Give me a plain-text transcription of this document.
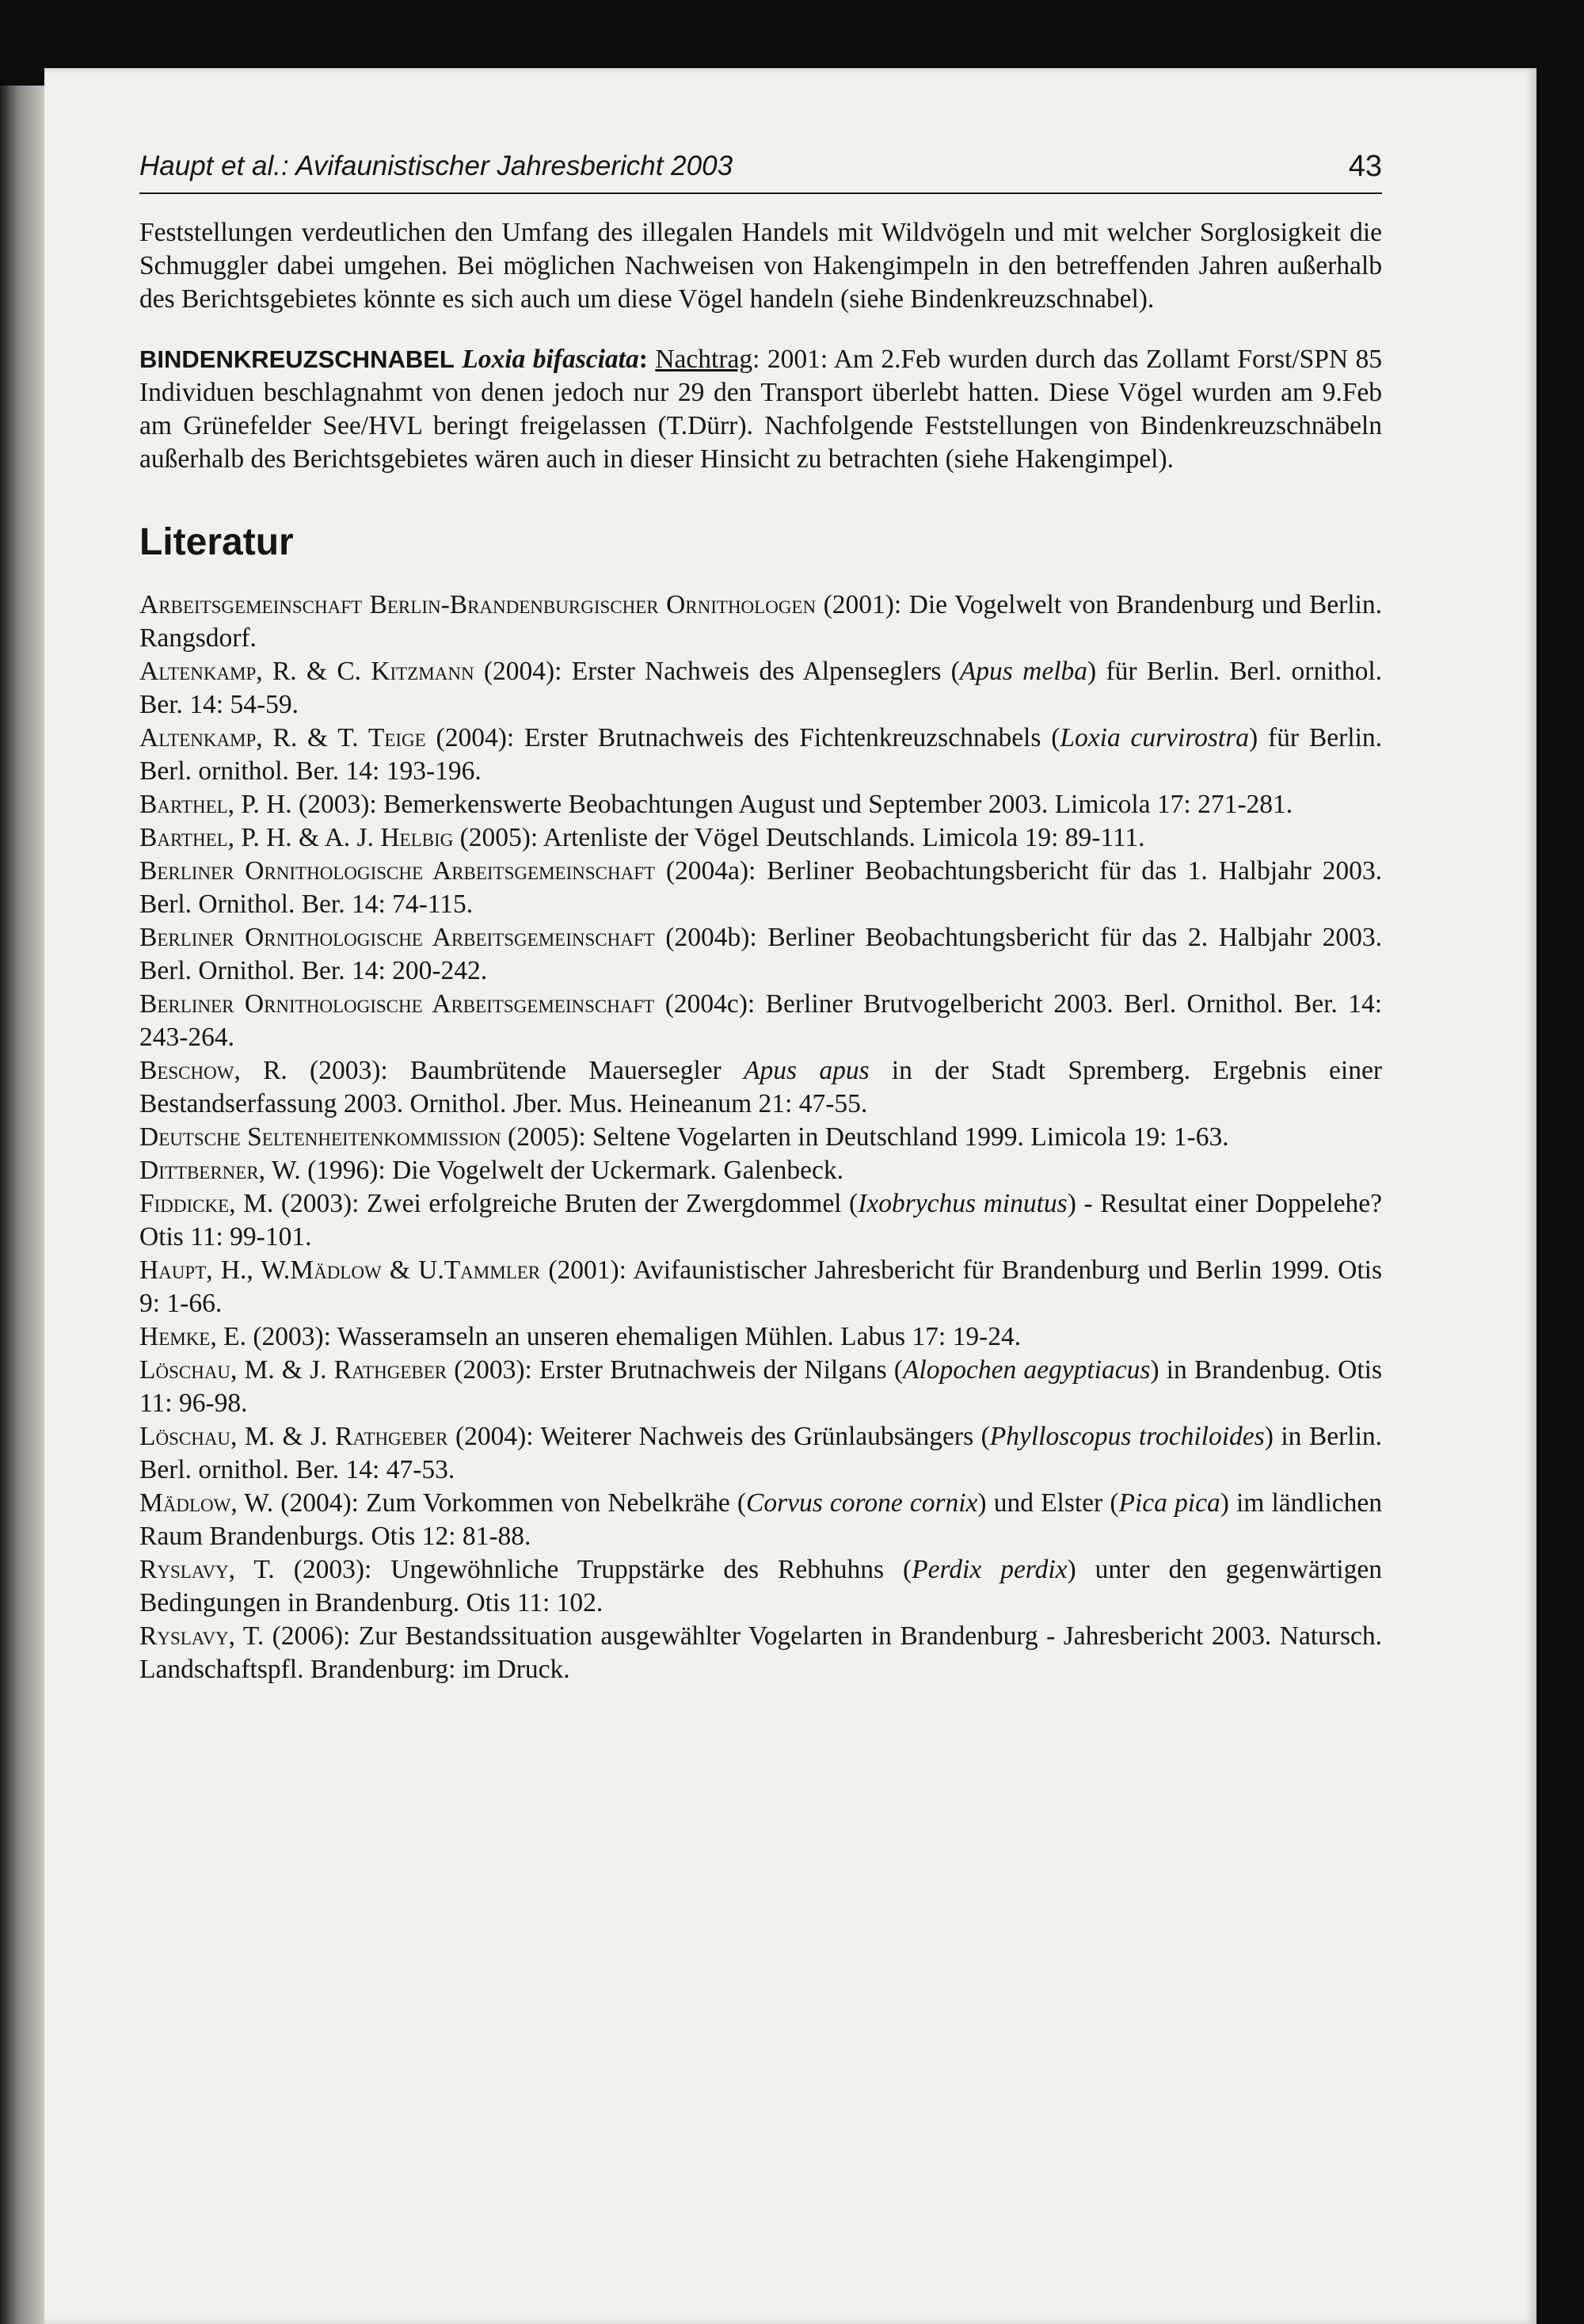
Haupt et al.: Avifaunistischer Jahresbericht 2003	43

Feststellungen verdeutlichen den Umfang des illegalen Handels mit Wildvögeln und mit welcher Sorglosigkeit die Schmuggler dabei umgehen. Bei möglichen Nachweisen von Hakengimpeln in den betreffenden Jahren außerhalb des Berichtsgebietes könnte es sich auch um diese Vögel handeln (siehe Bindenkreuzschnabel).

BINDENKREUZSCHNABEL Loxia bifasciata: Nachtrag: 2001: Am 2.Feb wurden durch das Zollamt Forst/SPN 85 Individuen beschlagnahmt von denen jedoch nur 29 den Transport überlebt hatten. Diese Vögel wurden am 9.Feb am Grünefelder See/HVL beringt freigelassen (T.Dürr). Nachfolgende Feststellungen von Bindenkreuzschnäbeln außerhalb des Berichtsgebietes wären auch in dieser Hinsicht zu betrachten (siehe Hakengimpel).

Literatur

Arbeitsgemeinschaft Berlin-Brandenburgischer Ornithologen (2001): Die Vogelwelt von Brandenburg und Berlin. Rangsdorf.

Altenkamp, R. & C. Kitzmann (2004): Erster Nachweis des Alpenseglers (Apus melba) für Berlin. Berl. ornithol. Ber. 14: 54-59.

Altenkamp, R. & T. Teige (2004): Erster Brutnachweis des Fichtenkreuzschnabels (Loxia curvirostra) für Berlin. Berl. ornithol. Ber. 14: 193-196.

Barthel, P. H. (2003): Bemerkenswerte Beobachtungen August und September 2003. Limicola 17: 271-281.

Barthel, P. H. & A. J. Helbig (2005): Artenliste der Vögel Deutschlands. Limicola 19: 89-111.

Berliner Ornithologische Arbeitsgemeinschaft (2004a): Berliner Beobachtungsbericht für das 1. Halbjahr 2003. Berl. Ornithol. Ber. 14: 74-115.

Berliner Ornithologische Arbeitsgemeinschaft (2004b): Berliner Beobachtungsbericht für das 2. Halbjahr 2003. Berl. Ornithol. Ber. 14: 200-242.

Berliner Ornithologische Arbeitsgemeinschaft (2004c): Berliner Brutvogelbericht 2003. Berl. Ornithol. Ber. 14: 243-264.

Beschow, R. (2003): Baumbrütende Mauersegler Apus apus in der Stadt Spremberg. Ergebnis einer Bestandserfassung 2003. Ornithol. Jber. Mus. Heineanum 21: 47-55.

Deutsche Seltenheitenkommission (2005): Seltene Vogelarten in Deutschland 1999. Limicola 19: 1-63.

Dittberner, W. (1996): Die Vogelwelt der Uckermark. Galenbeck.

Fiddicke, M. (2003): Zwei erfolgreiche Bruten der Zwergdommel (Ixobrychus minutus) - Resultat einer Doppelehe? Otis 11: 99-101.

Haupt, H., W.Mädlow & U.Tammler (2001): Avifaunistischer Jahresbericht für Brandenburg und Berlin 1999. Otis 9: 1-66.

Hemke, E. (2003): Wasseramseln an unseren ehemaligen Mühlen. Labus 17: 19-24.

Löschau, M. & J. Rathgeber (2003): Erster Brutnachweis der Nilgans (Alopochen aegyptiacus) in Brandenbug. Otis 11: 96-98.

Löschau, M. & J. Rathgeber (2004): Weiterer Nachweis des Grünlaubsängers (Phylloscopus trochiloides) in Berlin. Berl. ornithol. Ber. 14: 47-53.

Mädlow, W. (2004): Zum Vorkommen von Nebelkrähe (Corvus corone cornix) und Elster (Pica pica) im ländlichen Raum Brandenburgs. Otis 12: 81-88.

Ryslavy, T. (2003): Ungewöhnliche Truppstärke des Rebhuhns (Perdix perdix) unter den gegenwärtigen Bedingungen in Brandenburg. Otis 11: 102.

Ryslavy, T. (2006): Zur Bestandssituation ausgewählter Vogelarten in Brandenburg - Jahresbericht 2003. Natursch. Landschaftspfl. Brandenburg: im Druck.
